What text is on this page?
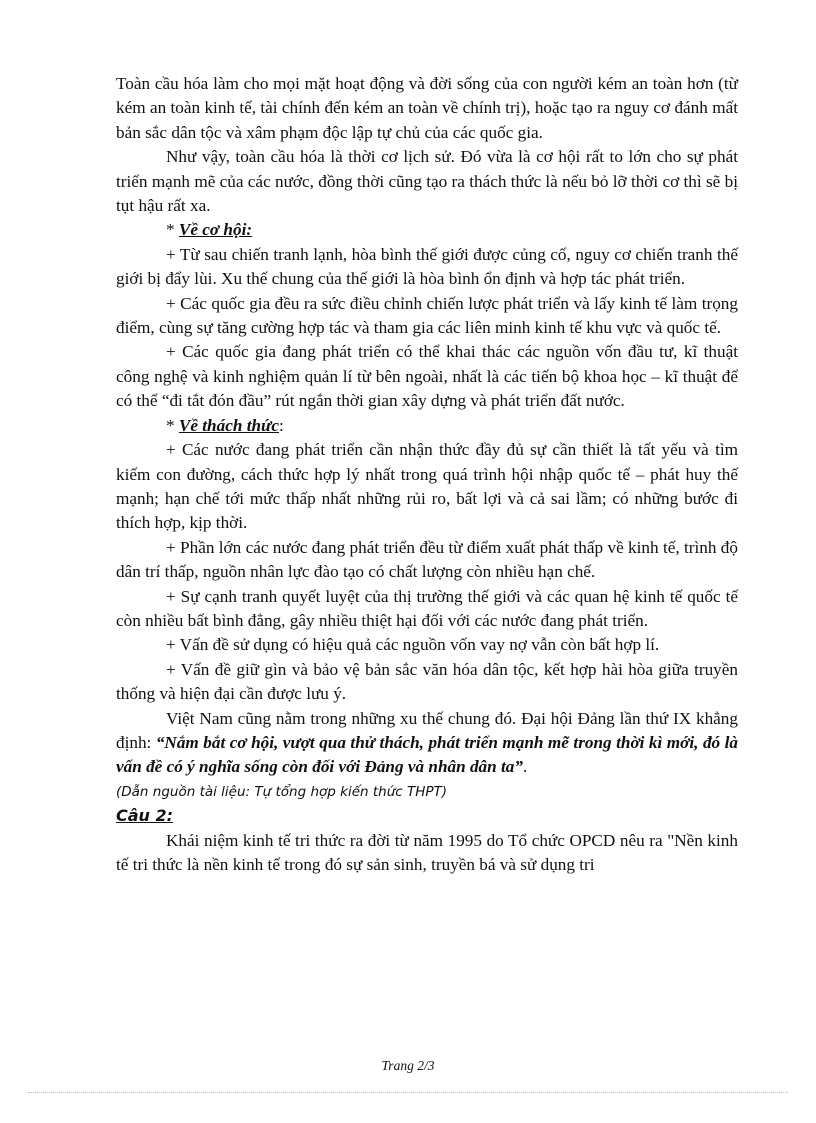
Toàn cầu hóa làm cho mọi mặt hoạt động và đời sống của con người kém an toàn hơn (từ kém an toàn kinh tế, tài chính đến kém an toàn về chính trị), hoặc tạo ra nguy cơ đánh mất bản sắc dân tộc và xâm phạm độc lập tự chủ của các quốc gia.

Như vậy, toàn cầu hóa là thời cơ lịch sử. Đó vừa là cơ hội rất to lớn cho sự phát triển mạnh mẽ của các nước, đồng thời cũng tạo ra thách thức là nếu bỏ lỡ thời cơ thì sẽ bị tụt hậu rất xa.

* Về cơ hội:

+ Từ sau chiến tranh lạnh, hòa bình thế giới được củng cố, nguy cơ chiến tranh thế giới bị đẩy lùi. Xu thế chung của thế giới là hòa bình ổn định và hợp tác phát triển.

+ Các quốc gia đều ra sức điều chỉnh chiến lược phát triển và lấy kinh tế làm trọng điểm, cùng sự tăng cường hợp tác và tham gia các liên minh kinh tế khu vực và quốc tế.

+ Các quốc gia đang phát triển có thể khai thác các nguồn vốn đầu tư, kĩ thuật công nghệ và kinh nghiệm quản lí từ bên ngoài, nhất là các tiến bộ khoa học – kĩ thuật để có thể “đi tắt đón đầu” rút ngắn thời gian xây dựng và phát triển đất nước.

* Về thách thức:

+ Các nước đang phát triển cần nhận thức đầy đủ sự cần thiết là tất yếu và tìm kiếm con đường, cách thức hợp lý nhất trong quá trình hội nhập quốc tế – phát huy thế mạnh; hạn chế tới mức thấp nhất những rủi ro, bất lợi và cả sai lầm; có những bước đi thích hợp, kịp thời.

+ Phần lớn các nước đang phát triển đều từ điểm xuất phát thấp về kinh tế, trình độ dân trí thấp, nguồn nhân lực đào tạo có chất lượng còn nhiều hạn chế.

+ Sự cạnh tranh quyết luyệt của thị trường thế giới và các quan hệ kinh tế quốc tế còn nhiều bất bình đẳng, gây nhiều thiệt hại đối với các nước đang phát triển.

+ Vấn đề sử dụng có hiệu quả các nguồn vốn vay nợ vẫn còn bất hợp lí.

+ Vấn đề giữ gìn và bảo vệ bản sắc văn hóa dân tộc, kết hợp hài hòa giữa truyền thống và hiện đại cần được lưu ý.

Việt Nam cũng nằm trong những xu thế chung đó. Đại hội Đảng lần thứ IX khẳng định: “Nắm bắt cơ hội, vượt qua thử thách, phát triển mạnh mẽ trong thời kì mới, đó là vấn đề có ý nghĩa sống còn đối với Đảng và nhân dân ta”.

(Dẫn nguồn tài liệu: Tự tổng hợp kiến thức THPT)

Câu 2:

Khái niệm kinh tế tri thức ra đời từ năm 1995 do Tổ chức OPCD nêu ra "Nền kinh tế tri thức là nền kinh tế trong đó sự sản sinh, truyền bá và sử dụng tri

Trang 2/3
